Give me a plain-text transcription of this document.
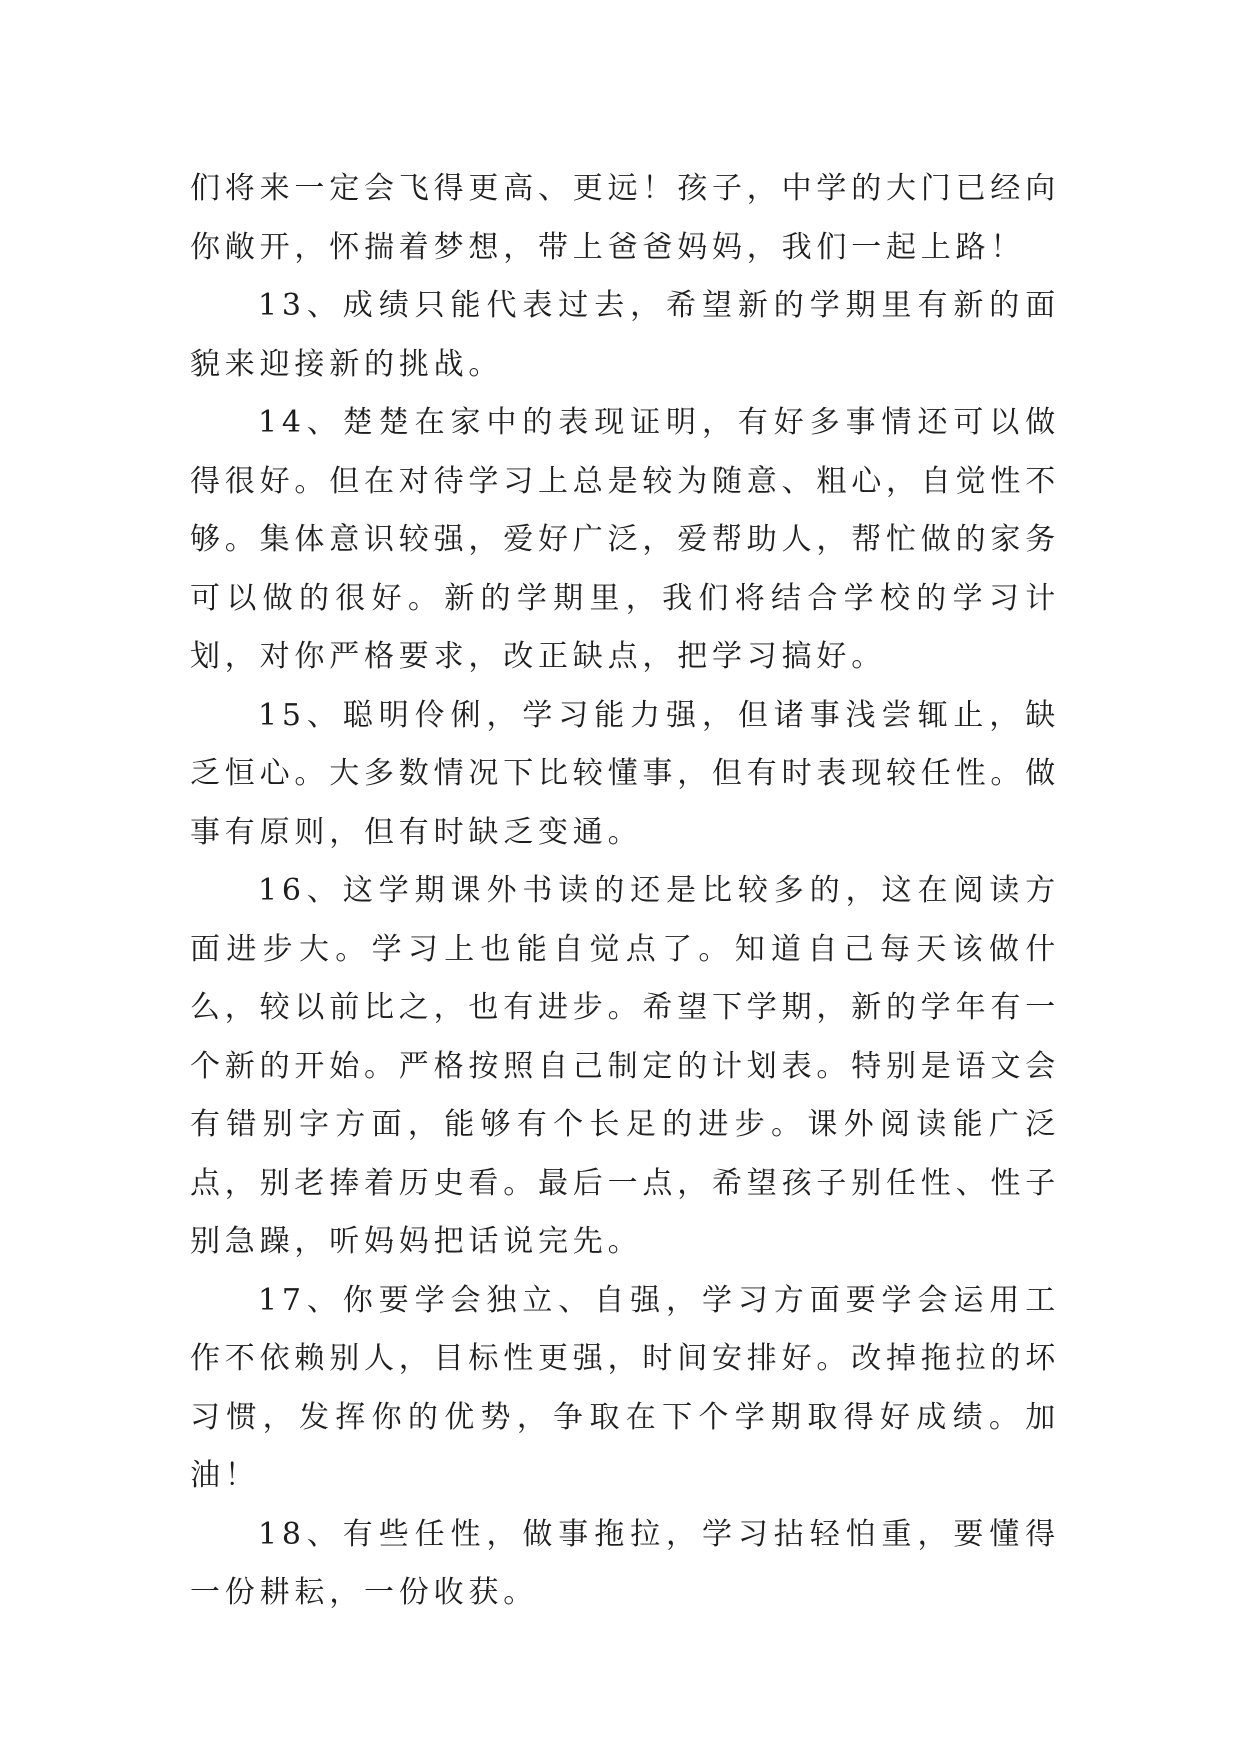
们将来一定会飞得更高、更远！孩子，中学的大门已经向你敞开，怀揣着梦想，带上爸爸妈妈，我们一起上路！

13、成绩只能代表过去，希望新的学期里有新的面貌来迎接新的挑战。

14、楚楚在家中的表现证明，有好多事情还可以做得很好。但在对待学习上总是较为随意、粗心，自觉性不够。集体意识较强，爱好广泛，爱帮助人，帮忙做的家务可以做的很好。新的学期里，我们将结合学校的学习计划，对你严格要求，改正缺点，把学习搞好。

15、聪明伶俐，学习能力强，但诸事浅尝辄止，缺乏恒心。大多数情况下比较懂事，但有时表现较任性。做事有原则，但有时缺乏变通。

16、这学期课外书读的还是比较多的，这在阅读方面进步大。学习上也能自觉点了。知道自己每天该做什么，较以前比之，也有进步。希望下学期，新的学年有一个新的开始。严格按照自己制定的计划表。特别是语文会有错别字方面，能够有个长足的进步。课外阅读能广泛点，别老捧着历史看。最后一点，希望孩子别任性、性子别急躁，听妈妈把话说完先。

17、你要学会独立、自强，学习方面要学会运用工作不依赖别人，目标性更强，时间安排好。改掉拖拉的坏习惯，发挥你的优势，争取在下个学期取得好成绩。加油！

18、有些任性，做事拖拉，学习拈轻怕重，要懂得一份耕耘，一份收获。
